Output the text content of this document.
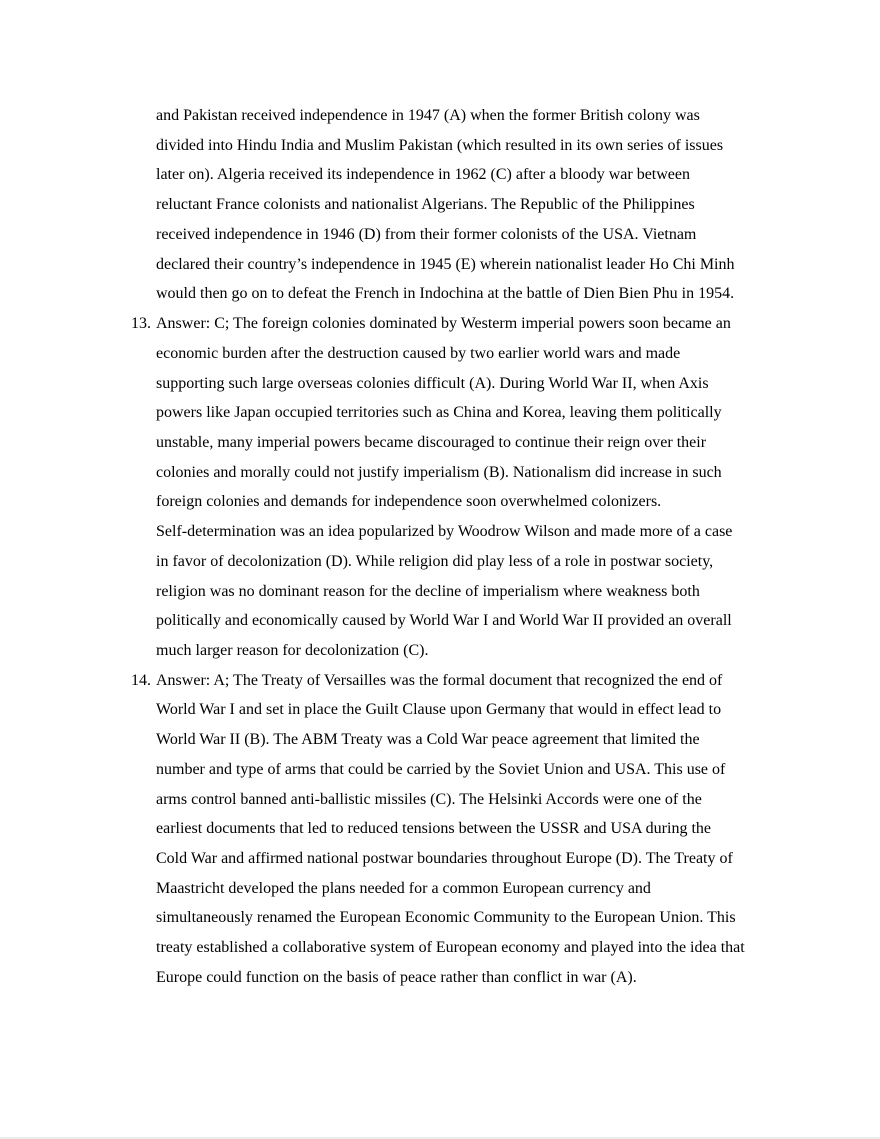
and Pakistan received independence in 1947 (A) when the former British colony was

divided into Hindu India and Muslim Pakistan (which resulted in its own series of issues

later on). Algeria received its independence in 1962 (C) after a bloody war between

reluctant France colonists and nationalist Algerians. The Republic of the Philippines

received independence in 1946 (D) from their former colonists of the USA. Vietnam

declared their country’s independence in 1945 (E) wherein nationalist leader Ho Chi Minh

would then go on to defeat the French in Indochina at the battle of Dien Bien Phu in 1954.

13. Answer: C; The foreign colonies dominated by Westerm imperial powers soon became an

economic burden after the destruction caused by two earlier world wars and made

supporting such large overseas colonies difficult (A). During World War II, when Axis

powers like Japan occupied territories such as China and Korea, leaving them politically

unstable, many imperial powers became discouraged to continue their reign over their

colonies and morally could not justify imperialism (B). Nationalism did increase in such

foreign colonies and demands for independence soon overwhelmed colonizers.

Self-determination was an idea popularized by Woodrow Wilson and made more of a case

in favor of decolonization (D). While religion did play less of a role in postwar society,

religion was no dominant reason for the decline of imperialism where weakness both

politically and economically caused by World War I and World War II provided an overall

much larger reason for decolonization (C).

14. Answer: A; The Treaty of Versailles was the formal document that recognized the end of

World War I and set in place the Guilt Clause upon Germany that would in effect lead to

World War II (B). The ABM Treaty was a Cold War peace agreement that limited the

number and type of arms that could be carried by the Soviet Union and USA. This use of

arms control banned anti-ballistic missiles (C). The Helsinki Accords were one of the

earliest documents that led to reduced tensions between the USSR and USA during the

Cold War and affirmed national postwar boundaries throughout Europe (D). The Treaty of

Maastricht developed the plans needed for a common European currency and

simultaneously renamed the European Economic Community to the European Union. This

treaty established a collaborative system of European economy and played into the idea that

Europe could function on the basis of peace rather than conflict in war (A).
